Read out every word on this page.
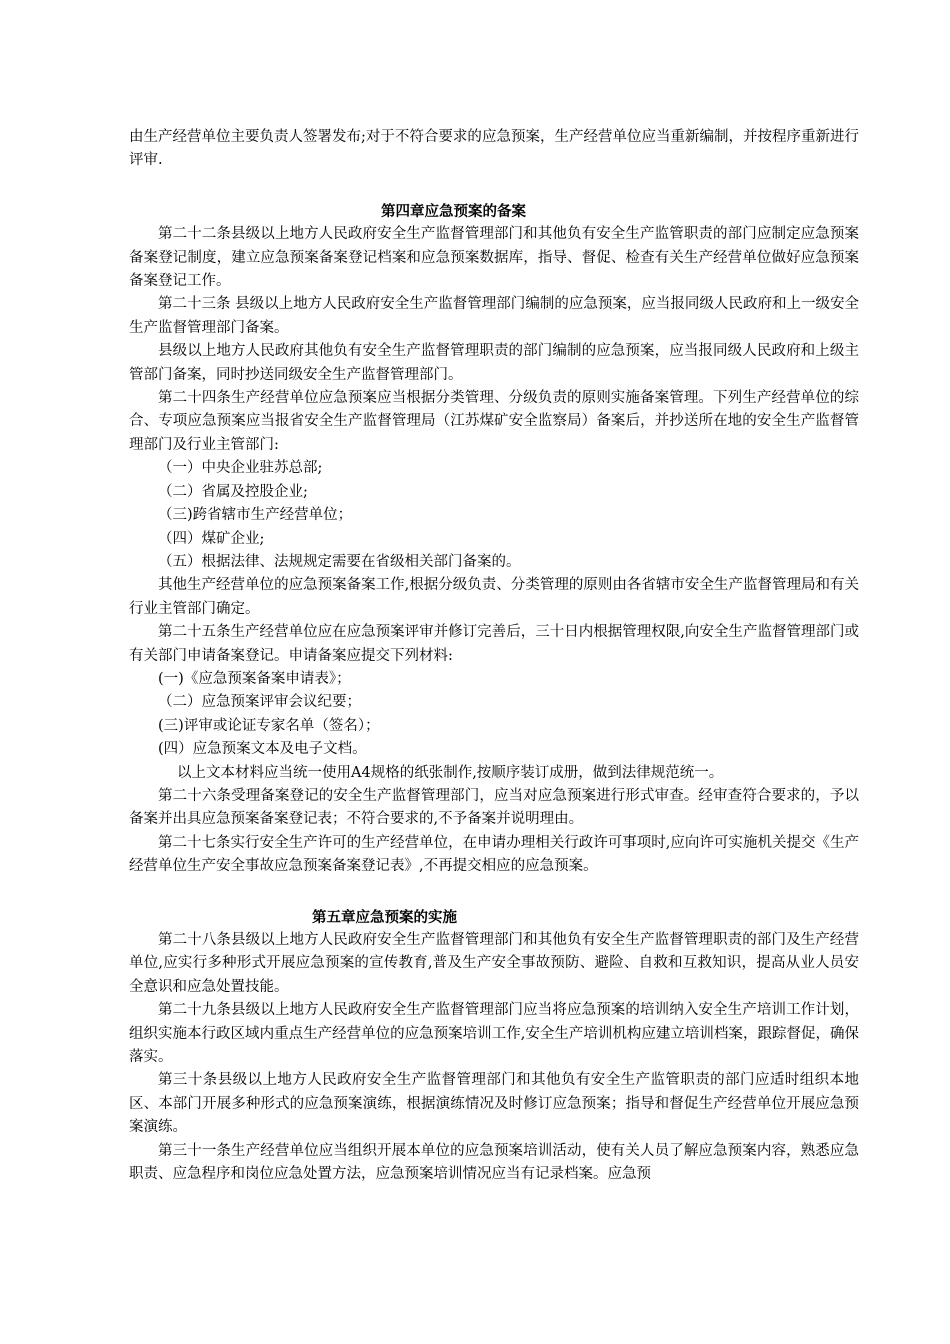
由生产经营单位主要负责人签署发布;对于不符合要求的应急预案，生产经营单位应当重新编制，并按程序重新进行评审.

第四章应急预案的备案

第二十二条县级以上地方人民政府安全生产监督管理部门和其他负有安全生产监管职责的部门应制定应急预案备案登记制度，建立应急预案备案登记档案和应急预案数据库，指导、督促、检查有关生产经营单位做好应急预案备案登记工作。

第二十三条 县级以上地方人民政府安全生产监督管理部门编制的应急预案，应当报同级人民政府和上一级安全生产监督管理部门备案。

县级以上地方人民政府其他负有安全生产监督管理职责的部门编制的应急预案，应当报同级人民政府和上级主管部门备案，同时抄送同级安全生产监督管理部门。

第二十四条生产经营单位应急预案应当根据分类管理、分级负责的原则实施备案管理。下列生产经营单位的综合、专项应急预案应当报省安全生产监督管理局（江苏煤矿安全监察局）备案后，并抄送所在地的安全生产监督管理部门及行业主管部门:

（一）中央企业驻苏总部;

（二）省属及控股企业;

（三)跨省辖市生产经营单位；

（四）煤矿企业;

（五）根据法律、法规规定需要在省级相关部门备案的。

其他生产经营单位的应急预案备案工作,根据分级负责、分类管理的原则由各省辖市安全生产监督管理局和有关行业主管部门确定。

第二十五条生产经营单位应在应急预案评审并修订完善后，三十日内根据管理权限,向安全生产监督管理部门或有关部门申请备案登记。申请备案应提交下列材料:

(一)《应急预案备案申请表》；

（二）应急预案评审会议纪要；

(三)评审或论证专家名单（签名）；

(四）应急预案文本及电子文档。

以上文本材料应当统一使用A4规格的纸张制作,按顺序装订成册，做到法律规范统一。

第二十六条受理备案登记的安全生产监督管理部门，应当对应急预案进行形式审查。经审查符合要求的，予以备案并出具应急预案备案登记表；不符合要求的,不予备案并说明理由。

第二十七条实行安全生产许可的生产经营单位，在申请办理相关行政许可事项时,应向许可实施机关提交《生产经营单位生产安全事故应急预案备案登记表》,不再提交相应的应急预案。

第五章应急预案的实施

第二十八条县级以上地方人民政府安全生产监督管理部门和其他负有安全生产监督管理职责的部门及生产经营单位,应实行多种形式开展应急预案的宣传教育,普及生产安全事故预防、避险、自救和互救知识，提高从业人员安全意识和应急处置技能。

第二十九条县级以上地方人民政府安全生产监督管理部门应当将应急预案的培训纳入安全生产培训工作计划，组织实施本行政区域内重点生产经营单位的应急预案培训工作,安全生产培训机构应建立培训档案，跟踪督促，确保落实。

第三十条县级以上地方人民政府安全生产监督管理部门和其他负有安全生产监管职责的部门应适时组织本地区、本部门开展多种形式的应急预案演练，根据演练情况及时修订应急预案；指导和督促生产经营单位开展应急预案演练。

第三十一条生产经营单位应当组织开展本单位的应急预案培训活动，使有关人员了解应急预案内容，熟悉应急职责、应急程序和岗位应急处置方法，应急预案培训情况应当有记录档案。应急预
